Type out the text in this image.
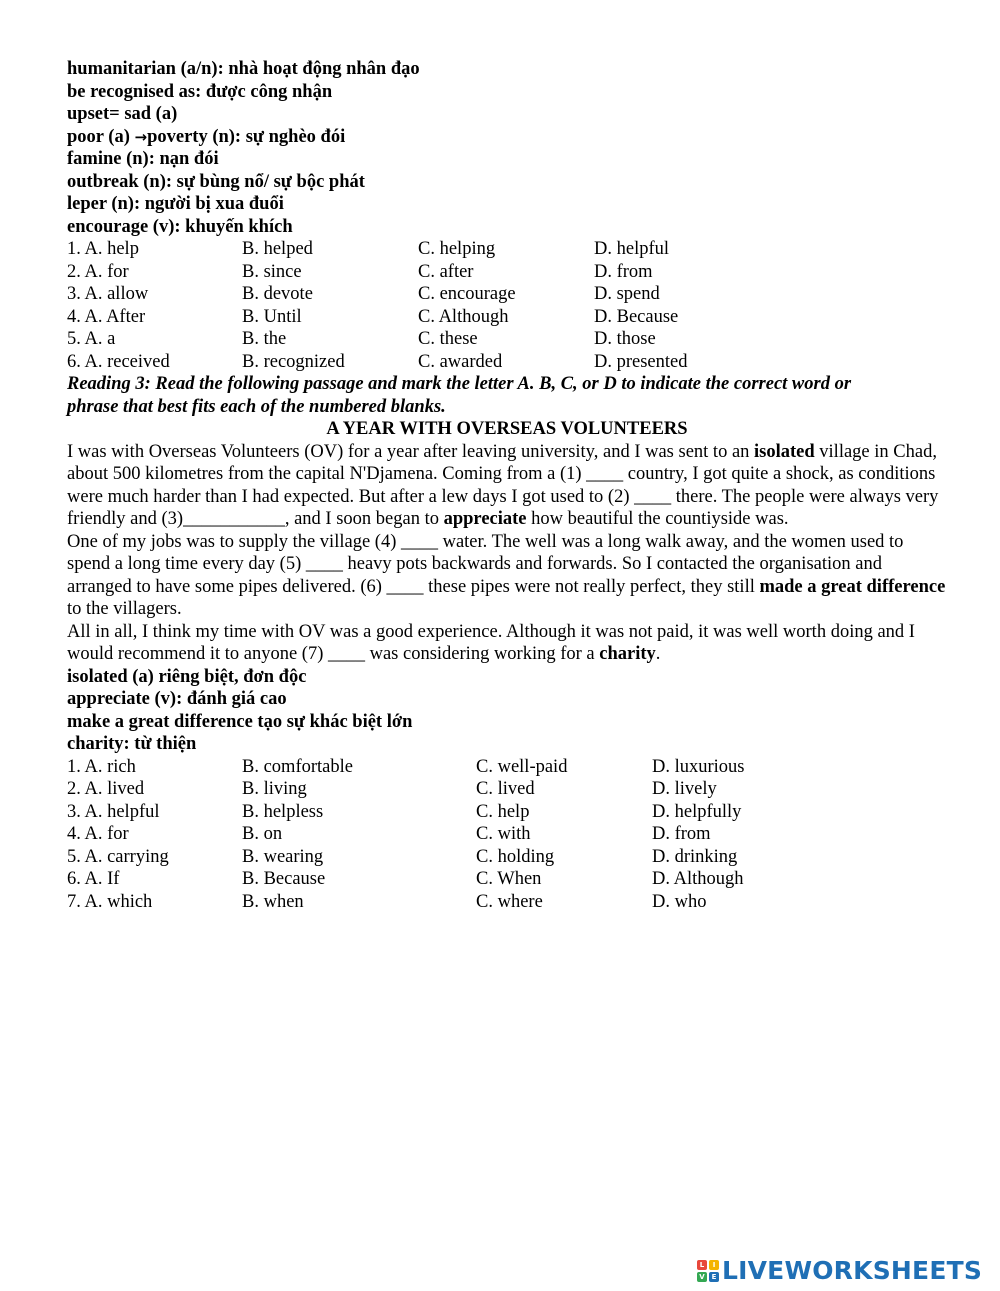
humanitarian (a/n): nhà hoạt động nhân đạo
be recognised as: được công nhận
upset= sad (a)
poor (a) →poverty (n): sự nghèo đói
famine (n): nạn đói
outbreak (n): sự bùng nổ/ sự bộc phát
leper (n): người bị xua đuổi
encourage (v): khuyến khích
1. A. help	B. helped	C. helping	D. helpful
2. A. for	B. since	C. after	D. from
3. A. allow	B. devote	C. encourage	D. spend
4. A. After	B. Until	C. Although	D. Because
5. A. a	B. the	C. these	D. those
6. A. received	B. recognized	C. awarded	D. presented
Reading 3: Read the following passage and mark the letter A. B, C, or D to indicate the correct word or
phrase that best fits each of the numbered blanks.
A YEAR WITH OVERSEAS VOLUNTEERS
I was with Overseas Volunteers (OV) for a year after leaving university, and I was sent to an isolated village in Chad, about 500 kilometres from the capital N'Djamena. Coming from a (1) ____ country, I got quite a shock, as conditions were much harder than I had expected. But after a lew days I got used to (2) ____ there. The people were always very friendly and (3)___________, and I soon began to appreciate how beautiful the countiyside was.
One of my jobs was to supply the village (4) ____ water. The well was a long walk away, and the women used to spend a long time every day (5) ____ heavy pots backwards and forwards. So I contacted the organisation and arranged to have some pipes delivered. (6) ____ these pipes were not really perfect, they still made a great difference to the villagers.
All in all, I think my time with OV was a good experience. Although it was not paid, it was well worth doing and I would recommend it to anyone (7) ____ was considering working for a charity.
isolated (a) riêng biệt, đơn độc
appreciate (v): đánh giá cao
make a great difference tạo sự khác biệt lớn
charity: từ thiện
1. A. rich	B. comfortable	C. well-paid	D. luxurious
2. A. lived	B. living	C. lived	D. lively
3. A. helpful	B. helpless	C. help	D. helpfully
4. A. for	B. on	C. with	D. from
5. A. carrying	B. wearing	C. holding	D. drinking
6. A. If	B. Because	C. When	D. Although
7. A. which	B. when	C. where	D. who
L	I
V E LIVEWORKSHEETS
